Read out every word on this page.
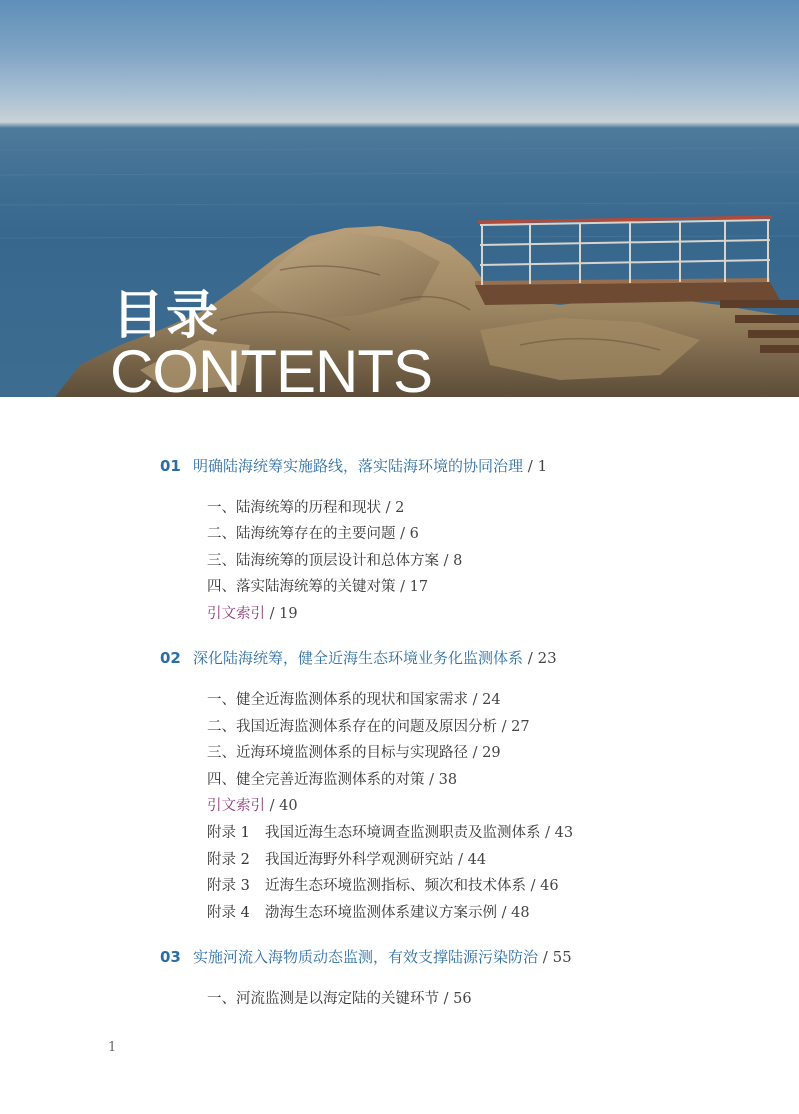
目录
CONTENTS
01 明确陆海统筹实施路线，落实陆海环境的协同治理 / 1
一、陆海统筹的历程和现状 / 2
二、陆海统筹存在的主要问题 / 6
三、陆海统筹的顶层设计和总体方案 / 8
四、落实陆海统筹的关键对策 / 17
引文索引 / 19
02 深化陆海统筹，健全近海生态环境业务化监测体系 / 23
一、健全近海监测体系的现状和国家需求 / 24
二、我国近海监测体系存在的问题及原因分析 / 27
三、近海环境监测体系的目标与实现路径 / 29
四、健全完善近海监测体系的对策 / 38
引文索引 / 40
附录 1 我国近海生态环境调查监测职责及监测体系 / 43
附录 2 我国近海野外科学观测研究站 / 44
附录 3 近海生态环境监测指标、频次和技术体系 / 46
附录 4 渤海生态环境监测体系建议方案示例 / 48
03 实施河流入海物质动态监测，有效支撑陆源污染防治 / 55
一、河流监测是以海定陆的关键环节 / 56
1
